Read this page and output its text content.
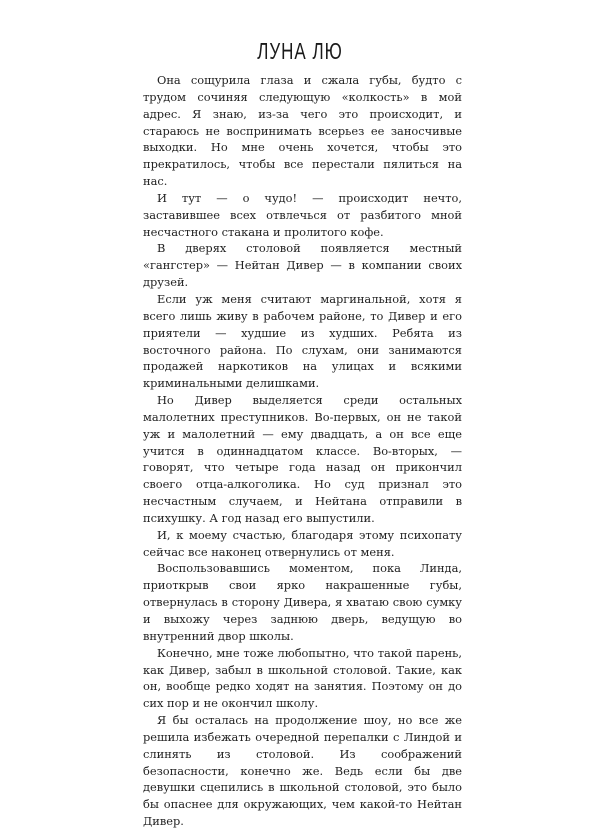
ЛУНА ЛЮ

Она сощурила глаза и сжала губы, будто с трудом сочиняя следующую «колкость» в мой адрес. Я знаю, из-за чего это происходит, и стараюсь не воспринимать всерьез ее заносчивые выходки. Но мне очень хочется, чтобы это прекратилось, чтобы все перестали пялиться на нас.

И тут — о чудо! — происходит нечто, заставившее всех отвлечься от разбитого мной несчастного стакана и пролитого кофе.

В дверях столовой появляется местный «гангстер» — Нейтан Дивер — в компании своих друзей.

Если уж меня считают маргинальной, хотя я всего лишь живу в рабочем районе, то Дивер и его приятели — худшие из худших. Ребята из восточного района. По слухам, они занимаются продажей наркотиков на улицах и всякими криминальными делишками.

Но Дивер выделяется среди остальных малолетних преступников. Во-первых, он не такой уж и малолетний — ему двадцать, а он все еще учится в одиннадцатом классе. Во-вторых, — говорят, что четыре года назад он прикончил своего отца-алкоголика. Но суд признал это несчастным случаем, и Нейтана отправили в психушку. А год назад его выпустили.

И, к моему счастью, благодаря этому психопату сейчас все наконец отвернулись от меня.

Воспользовавшись моментом, пока Линда, приоткрыв свои ярко накрашенные губы, отвернулась в сторону Дивера, я хватаю свою сумку и выхожу через заднюю дверь, ведущую во внутренний двор школы.

Конечно, мне тоже любопытно, что такой парень, как Дивер, забыл в школьной столовой. Такие, как он, вообще редко ходят на занятия. Поэтому он до сих пор и не окончил школу.

Я бы осталась на продолжение шоу, но все же решила избежать очередной перепалки с Линдой и слинять из столовой. Из соображений безопасности, конечно же. Ведь если бы две девушки сцепились в школьной столовой, это было бы опаснее для окружающих, чем какой-то Нейтан Дивер.
